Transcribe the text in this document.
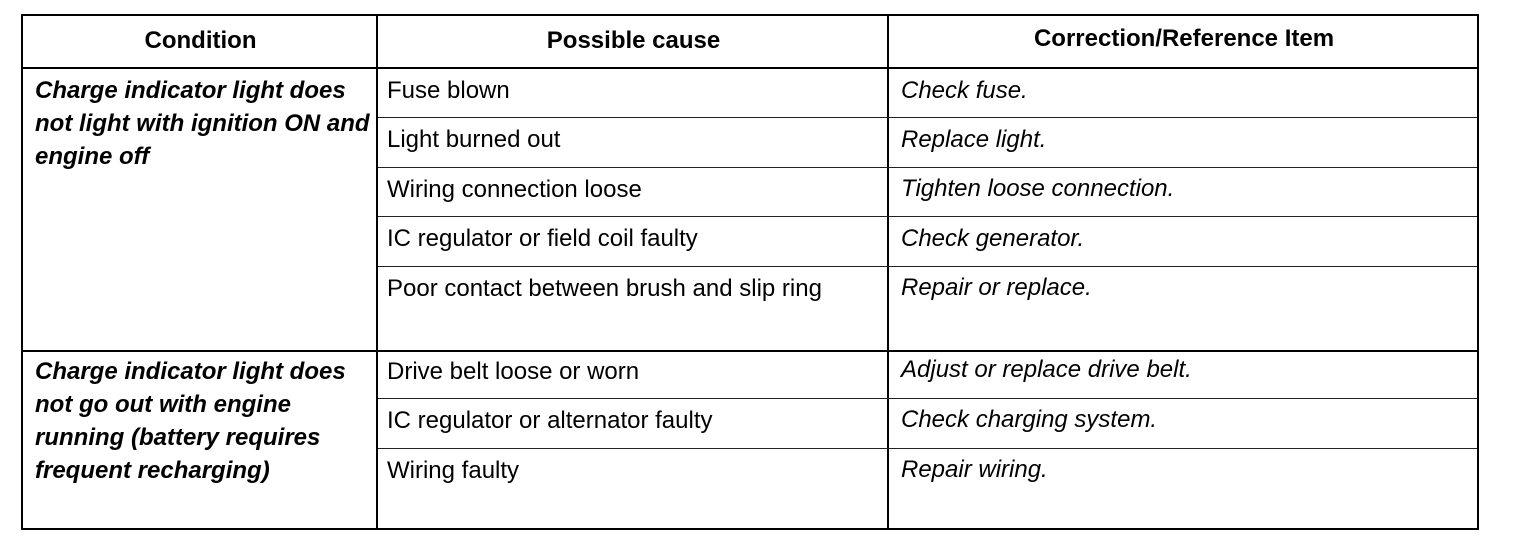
Condition	Possible cause	Correction/Reference Item
Charge indicator light does not light with ignition ON and engine off
Fuse blown	Check fuse.
Light burned out	Replace light.
Wiring connection loose	Tighten loose connection.
IC regulator or field coil faulty	Check generator.
Poor contact between brush and slip ring	Repair or replace.
Charge indicator light does not go out with engine running (battery requires frequent recharging)
Drive belt loose or worn	Adjust or replace drive belt.
IC regulator or alternator faulty	Check charging system.
Wiring faulty	Repair wiring.
